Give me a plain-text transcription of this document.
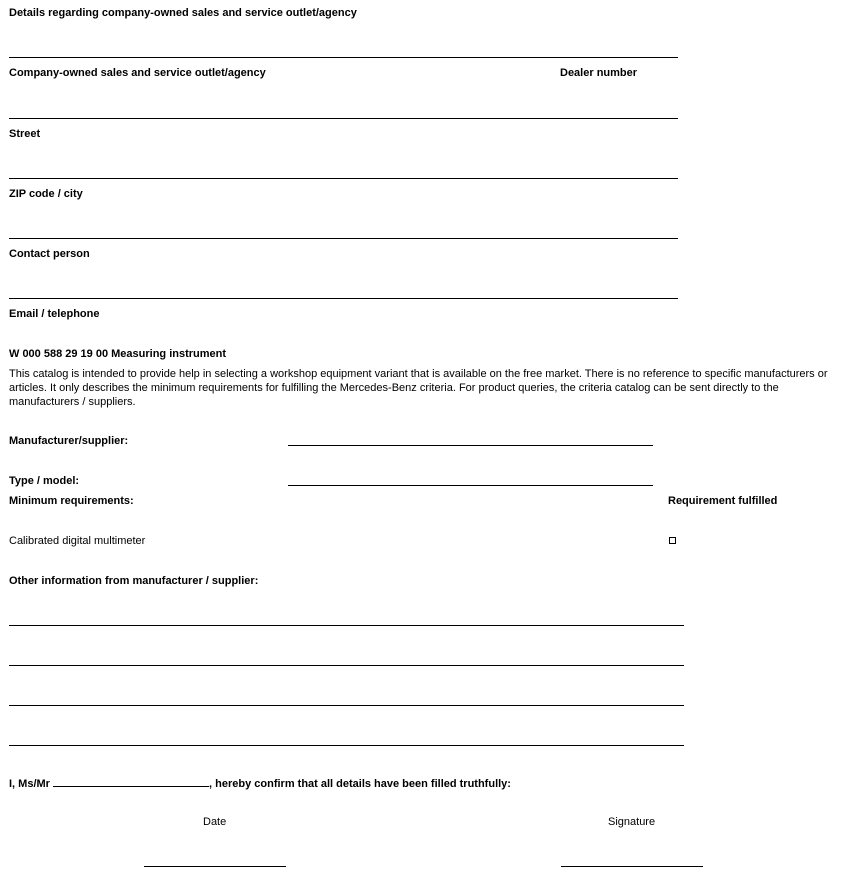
Details regarding company-owned sales and service outlet/agency
Company-owned sales and service outlet/agency	Dealer number
Street
ZIP code / city
Contact person
Email / telephone
W 000 588 29 19 00 Measuring instrument
This catalog is intended to provide help in selecting a workshop equipment variant that is available on the free market. There is no reference to specific manufacturers or articles. It only describes the minimum requirements for fulfilling the Mercedes-Benz criteria. For product queries, the criteria catalog can be sent directly to the manufacturers / suppliers.
Manufacturer/supplier:
Type / model:
Minimum requirements:	Requirement fulfilled
Calibrated digital multimeter
Other information from manufacturer / supplier:
I, Ms/Mr	, hereby confirm that all details have been filled truthfully:
Date	Signature
